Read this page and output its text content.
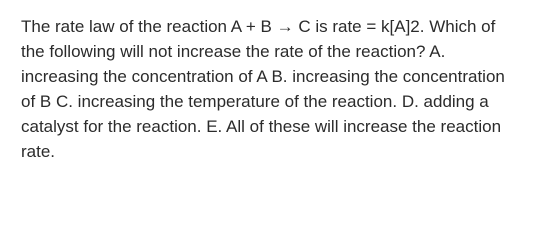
The rate law of the reaction A + B → C is rate = k[A]2. Which of
the following will not increase the rate of the reaction? A.
increasing the concentration of A B. increasing the concentration
of B C. increasing the temperature of the reaction. D. adding a
catalyst for the reaction. E. All of these will increase the reaction
rate.
